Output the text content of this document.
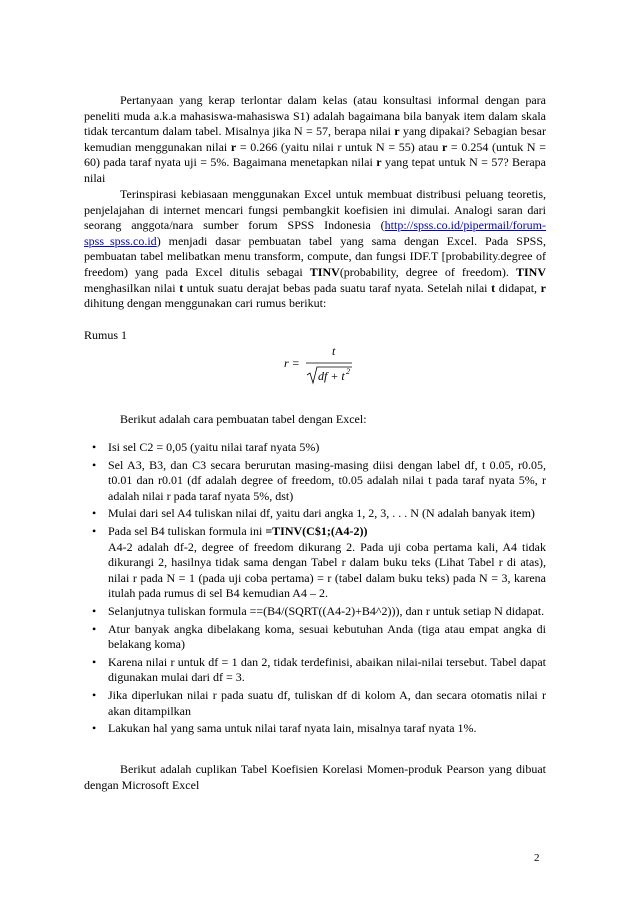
Pertanyaan yang kerap terlontar dalam kelas (atau konsultasi informal dengan para peneliti muda a.k.a mahasiswa-mahasiswa S1) adalah bagaimana bila banyak item dalam skala tidak tercantum dalam tabel. Misalnya jika N = 57, berapa nilai r yang dipakai? Sebagian besar kemudian menggunakan nilai r = 0.266 (yaitu nilai r untuk N = 55) atau r = 0.254 (untuk N = 60) pada taraf nyata uji = 5%. Bagaimana menetapkan nilai r yang tepat untuk N = 57? Berapa nilai

Terinspirasi kebiasaan menggunakan Excel untuk membuat distribusi peluang teoretis, penjelajahan di internet mencari fungsi pembangkit koefisien ini dimulai. Analogi saran dari seorang anggota/nara sumber forum SPSS Indonesia (http://spss.co.id/pipermail/forum-spss_spss.co.id) menjadi dasar pembuatan tabel yang sama dengan Excel. Pada SPSS, pembuatan tabel melibatkan menu transform, compute, dan fungsi IDF.T [probability.degree of freedom) yang pada Excel ditulis sebagai TINV(probability, degree of freedom). TINV menghasilkan nilai t untuk suatu derajat bebas pada suatu taraf nyata. Setelah nilai t didapat, r dihitung dengan menggunakan cari rumus berikut:

Rumus 1
r =
t
df + t 2

Berikut adalah cara pembuatan tabel dengan Excel:

• Isi sel C2 = 0,05 (yaitu nilai taraf nyata 5%)
• Sel A3, B3, dan C3 secara berurutan masing-masing diisi dengan label df, t 0.05, r0.05, t0.01 dan r0.01 (df adalah degree of freedom, t0.05 adalah nilai t pada taraf nyata 5%, r adalah nilai r pada taraf nyata 5%, dst)
• Mulai dari sel A4 tuliskan nilai df, yaitu dari angka 1, 2, 3, . . . N (N adalah banyak item)
• Pada sel B4 tuliskan formula ini =TINV(C$1;(A4-2))
A4-2 adalah df-2, degree of freedom dikurang 2. Pada uji coba pertama kali, A4 tidak dikurangi 2, hasilnya tidak sama dengan Tabel r dalam buku teks (Lihat Tabel r di atas), nilai r pada N = 1 (pada uji coba pertama) = r (tabel dalam buku teks) pada N = 3, karena itulah pada rumus di sel B4 kemudian A4 – 2.
• Selanjutnya tuliskan formula ==(B4/(SQRT((A4-2)+B4^2))), dan r untuk setiap N didapat.
• Atur banyak angka dibelakang koma, sesuai kebutuhan Anda (tiga atau empat angka di belakang koma)
• Karena nilai r untuk df = 1 dan 2, tidak terdefinisi, abaikan nilai-nilai tersebut. Tabel dapat digunakan mulai dari df = 3.
• Jika diperlukan nilai r pada suatu df, tuliskan df di kolom A, dan secara otomatis nilai r akan ditampilkan
• Lakukan hal yang sama untuk nilai taraf nyata lain, misalnya taraf nyata 1%.

Berikut adalah cuplikan Tabel Koefisien Korelasi Momen-produk Pearson yang dibuat dengan Microsoft Excel

2
